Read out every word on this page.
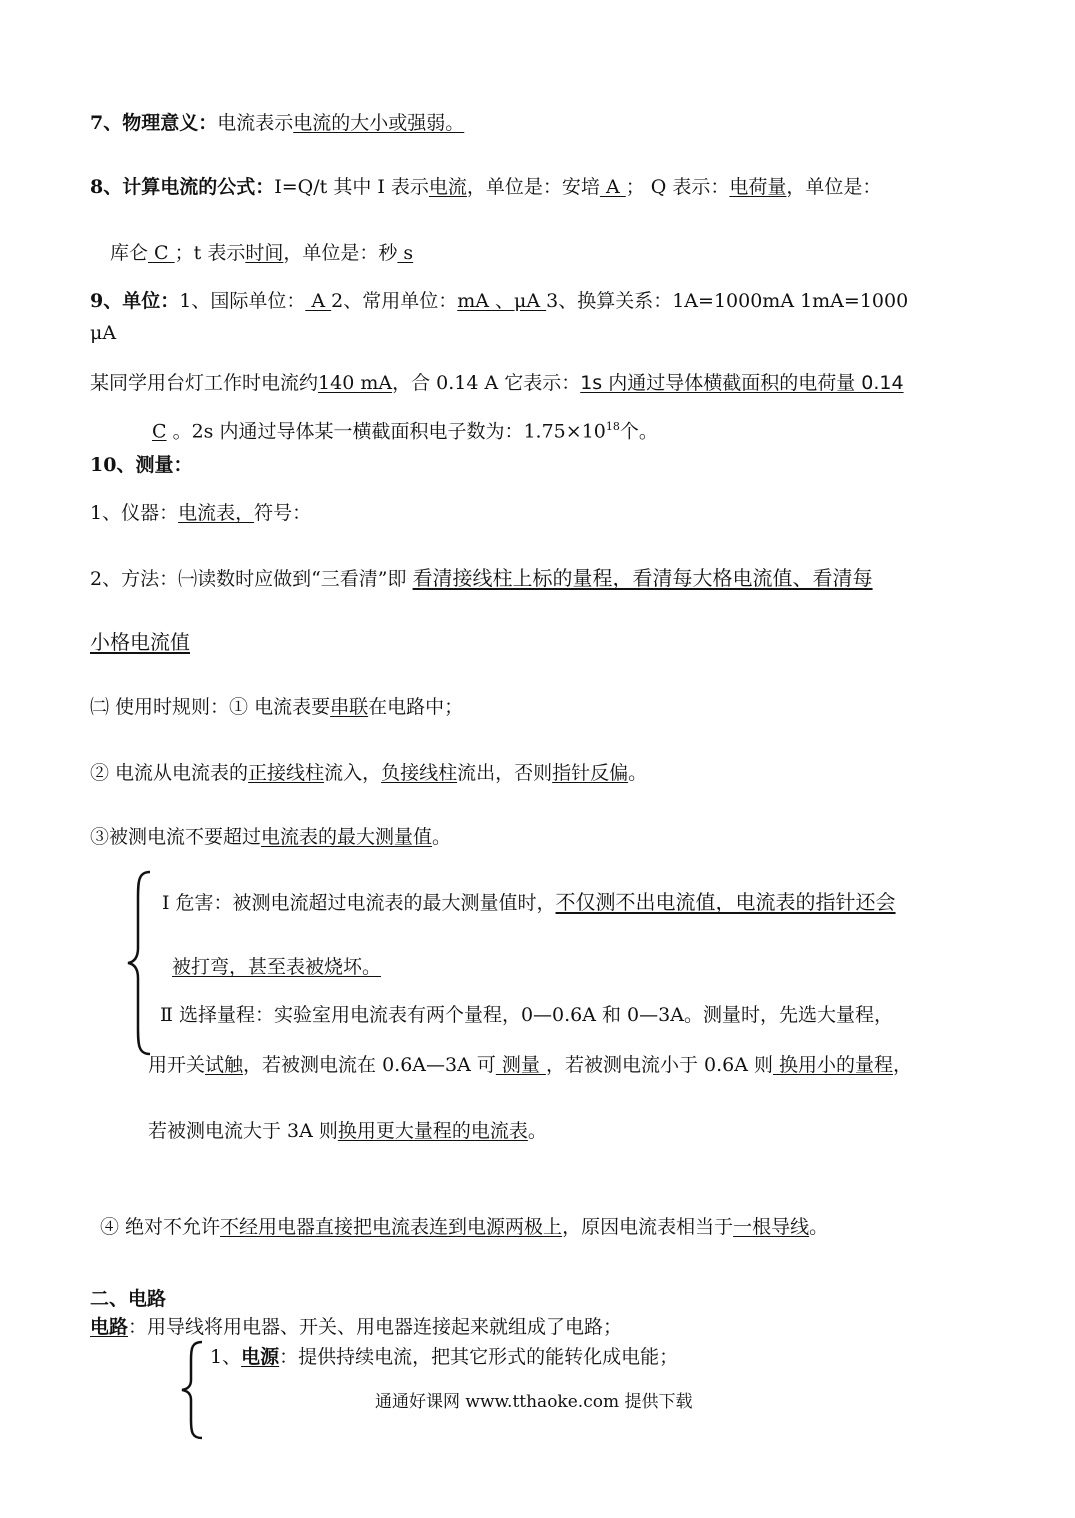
7、物理意义：电流表示电流的大小或强弱。
8、计算电流的公式：I=Q/t 其中 I 表示电流，单位是：安培 A ； Q 表示：电荷量，单位是：
库仑 C ；t 表示时间，单位是：秒 s
9、单位：1、国际单位： A 2、常用单位：mA 、μA 3、换算关系：1A=1000mA 1mA=1000
μA
某同学用台灯工作时电流约140 mA，合 0.14 A 它表示：1s 内通过导体横截面积的电荷量 0.14
C 。2s 内通过导体某一横截面积电子数为：$1.75\times 10^{18}$个。
10、测量：
1、仪器：电流表，符号：
2、方法：㈠读数时应做到“三看清”即 看清接线柱上标的量程，看清每大格电流值、看清每
小格电流值
㈡ 使用时规则：① 电流表要串联在电路中；
② 电流从电流表的正接线柱流入，负接线柱流出，否则指针反偏。
③被测电流不要超过电流表的最大测量值。
Ⅰ 危害：被测电流超过电流表的最大测量值时，不仅测不出电流值，电流表的指针还会
被打弯，甚至表被烧坏。
Ⅱ 选择量程：实验室用电流表有两个量程，0—0.6A 和 0—3A。测量时，先选大量程，
用开关试触，若被测电流在 0.6A—3A 可 测量 ，若被测电流小于 0.6A 则 换用小的量程，
若被测电流大于 3A 则换用更大量程的电流表。
④ 绝对不允许不经用电器直接把电流表连到电源两极上，原因电流表相当于一根导线。
二、电路
电路：用导线将用电器、开关、用电器连接起来就组成了电路；
1、电源：提供持续电流，把其它形式的能转化成电能；
通通好课网 www.tthaoke.com 提供下载
